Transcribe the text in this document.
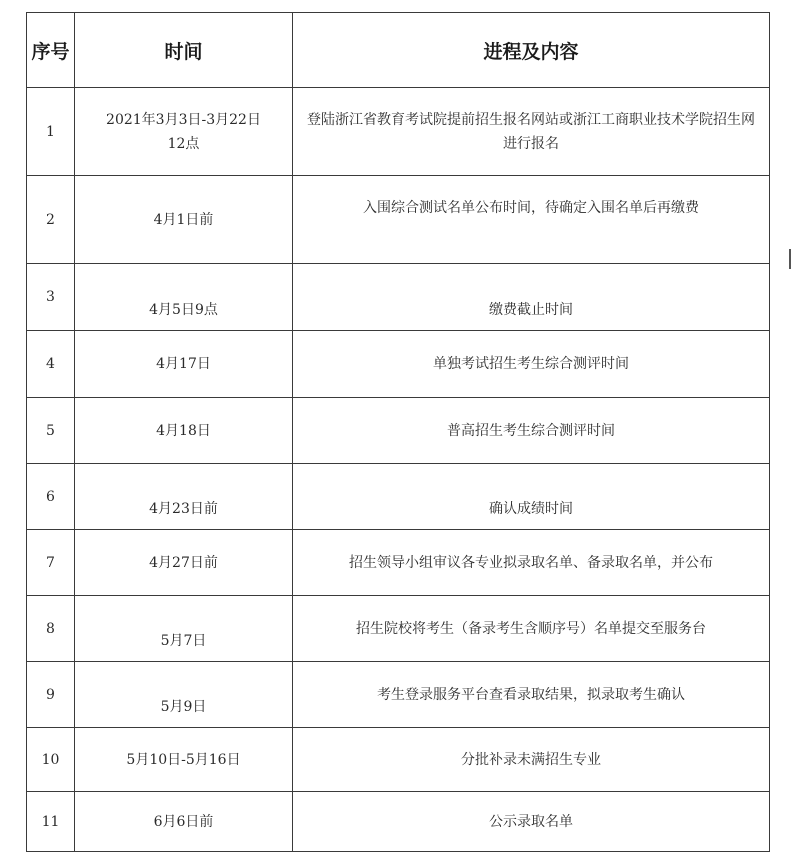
序号	时间	进程及内容
1	2021年3月3日-3月22日12点	登陆浙江省教育考试院提前招生报名网站或浙江工商职业技术学院招生网进行报名
2	4月1日前	入围综合测试名单公布时间，待确定入围名单后再缴费
3	4月5日9点	缴费截止时间
4	4月17日	单独考试招生考生综合测评时间
5	4月18日	普高招生考生综合测评时间
6	4月23日前	确认成绩时间
7	4月27日前	招生领导小组审议各专业拟录取名单、备录取名单，并公布
8	5月7日	招生院校将考生（备录考生含顺序号）名单提交至服务台
9	5月9日	考生登录服务平台查看录取结果，拟录取考生确认
10	5月10日-5月16日	分批补录未满招生专业
11	6月6日前	公示录取名单
